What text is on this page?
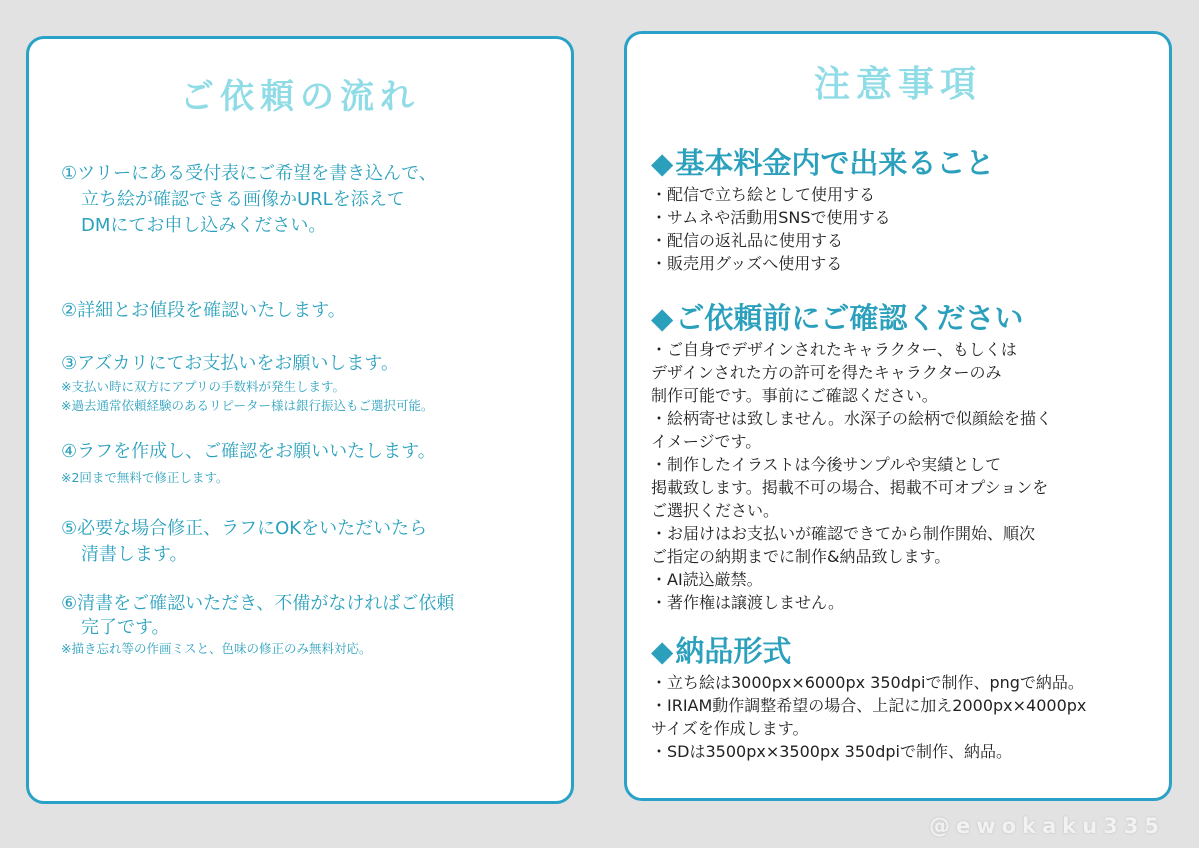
ご依頼の流れ
①ツリーにある受付表にご希望を書き込んで、
立ち絵が確認できる画像かURLを添えて
DMにてお申し込みください。
②詳細とお値段を確認いたします。
③アズカリにてお支払いをお願いします。
※支払い時に双方にアプリの手数料が発生します。
※過去通常依頼経験のあるリピーター様は銀行振込もご選択可能。
④ラフを作成し、ご確認をお願いいたします。
※2回まで無料で修正します。
⑤必要な場合修正、ラフにOKをいただいたら
清書します。
⑥清書をご確認いただき、不備がなければご依頼
完了です。
※描き忘れ等の作画ミスと、色味の修正のみ無料対応。
注意事項
◆基本料金内で出来ること
・配信で立ち絵として使用する
・サムネや活動用SNSで使用する
・配信の返礼品に使用する
・販売用グッズへ使用する
◆ご依頼前にご確認ください
・ご自身でデザインされたキャラクター、もしくは
デザインされた方の許可を得たキャラクターのみ
制作可能です。事前にご確認ください。
・絵柄寄せは致しません。水深子の絵柄で似顔絵を描く
イメージです。
・制作したイラストは今後サンプルや実績として
掲載致します。掲載不可の場合、掲載不可オプションを
ご選択ください。
・お届けはお支払いが確認できてから制作開始、順次
ご指定の納期までに制作&納品致します。
・AI読込厳禁。
・著作権は譲渡しません。
◆納品形式
・立ち絵は3000px×6000px 350dpiで制作、pngで納品。
・IRIAM動作調整希望の場合、上記に加え2000px×4000px
サイズを作成します。
・SDは3500px×3500px 350dpiで制作、納品。
@ewokaku335
